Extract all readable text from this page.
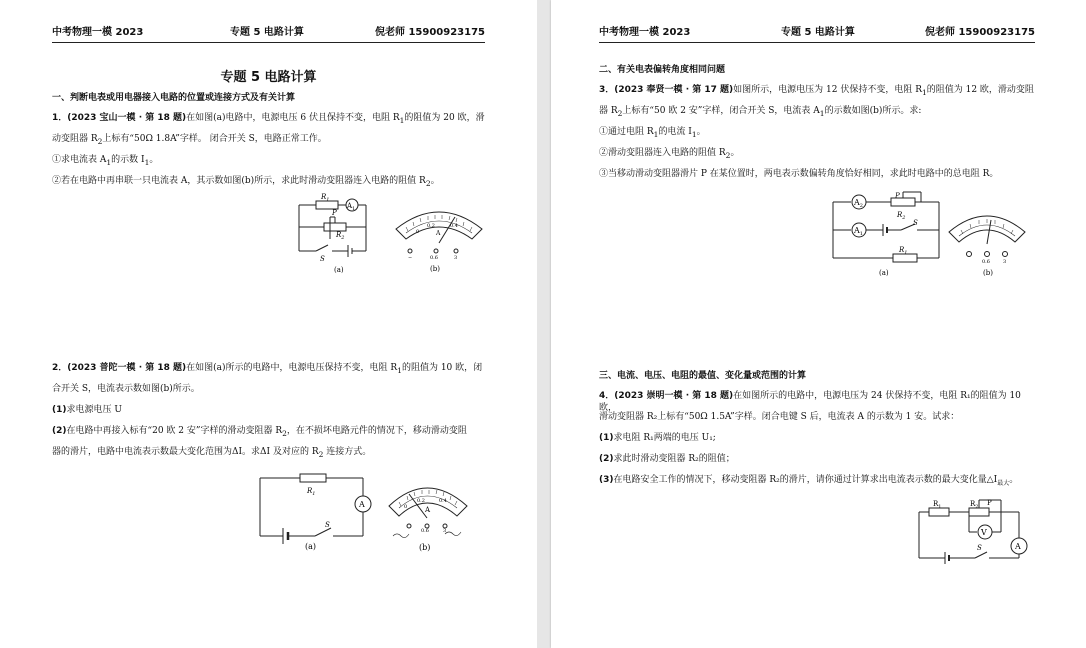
中考物理一模 2023	专题 5 电路计算	倪老师 15900923175
专题 5 电路计算
一、判断电表或用电器接入电路的位置或连接方式及有关计算
1．(2023 宝山一模 · 第 18 题)在如图(a)电路中，电源电压 6 伏且保持不变，电阻 $R_1$的阻值为 20 欧，滑
动变阻器 $R_2$上标有“50Ω 1.8A”字样。 闭合开关 S，电路正常工作。
①求电流表 $A_1$的示数 $I_1$。
②若在电路中再串联一只电流表 A，其示数如图(b)所示，求此时滑动变阻器连入电路的阻值 $R_2$。
$R_1$
$A_1$
P
$R_2$
S
(a)
0
0.2	0.4
A
−	0.6	3
(b)
2．(2023 普陀一模 · 第 18 题)在如图(a)所示的电路中，电源电压保持不变，电阻 $R_1$的阻值为 10 欧，闭
合开关 S，电流表示数如图(b)所示。
(1)求电源电压 U
(2)在电路中再接入标有“20 欧 2 安”字样的滑动变阻器 $R_2$，在不损坏电路元件的情况下，移动滑动变阻
器的滑片，电路中电流表示数最大变化范围为ΔI。求ΔI 及对应的 $R_2$ 连接方式。
$R_1$
A
S
(a)
0
0.2	0.4
A
0.6	3
(b)
中考物理一模 2023	专题 5 电路计算	倪老师 15900923175
二、有关电表偏转角度相同问题
3．(2023 奉贤一模 · 第 17 题)如图所示，电源电压为 12 伏保持不变，电阻 $R_1$的阻值为 12 欧，滑动变阻
器 $R_2$上标有“50 欧 2 安”字样，闭合开关 S，电流表 $A_1$的示数如图(b)所示。求:
①通过电阻 $R_1$的电流 $I_1$。
②滑动变阻器连入电路的阻值 $R_2$。
③当移动滑动变阻器滑片 P 在某位置时，两电表示数偏转角度恰好相同，求此时电路中的总电阻 R。
$A_2$
$A_1$
P
$R_2$
S
$R_1$
(a)
0.6	3
(b)
三、电流、电压、电阻的最值、变化量或范围的计算
4．(2023 崇明一模 · 第 18 题)在如图所示的电路中，电源电压为 24 伏保持不变，电阻 R₁的阻值为 10 欧，
滑动变阻器 R₂上标有“50Ω 1.5A”字样。闭合电键 S 后，电流表 A 的示数为 1 安。试求：
(1)求电阻 R₁两端的电压 U₁;
(2)求此时滑动变阻器 R₂的阻值；
(3)在电路安全工作的情况下，移动变阻器 R₂的滑片，请你通过计算求出电流表示数的最大变化量$\triangle I_{最大}$。
$R_1$	$R_2$ P
V
A
S
